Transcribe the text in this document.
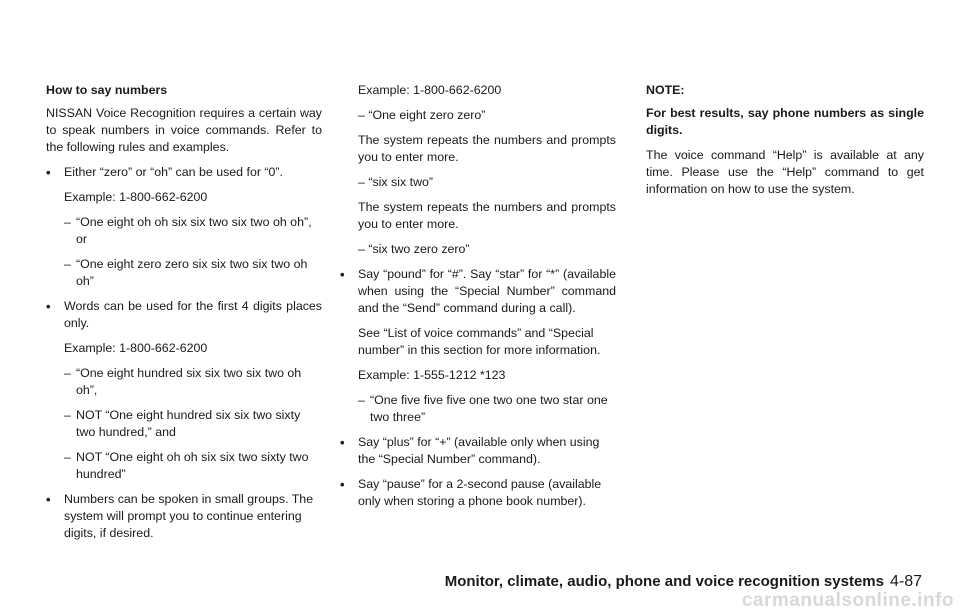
How to say numbers

NISSAN Voice Recognition requires a certain way to speak numbers in voice commands. Refer to the following rules and examples.

• Either “zero” or “oh” can be used for “0”.

Example: 1-800-662-6200

– “One eight oh oh six six two six two oh oh”, or

– “One eight zero zero six six two six two oh oh”

• Words can be used for the first 4 digits places only.

Example: 1-800-662-6200

– “One eight hundred six six two six two oh oh”,

– NOT “One eight hundred six six two sixty two hundred,” and

– NOT “One eight oh oh six six two sixty two hundred”

• Numbers can be spoken in small groups. The system will prompt you to continue entering digits, if desired.

Example: 1-800-662-6200

– “One eight zero zero”

The system repeats the numbers and prompts you to enter more.

– “six six two”

The system repeats the numbers and prompts you to enter more.

– “six two zero zero”

• Say “pound” for “#”. Say “star” for “*” (available when using the “Special Number” command and the “Send” command during a call).

See “List of voice commands” and “Special number” in this section for more information.

Example: 1-555-1212 *123

– “One five five five one two one two star one two three”

• Say “plus” for “+” (available only when using the “Special Number” command).

• Say “pause” for a 2-second pause (available only when storing a phone book number).

NOTE:

For best results, say phone numbers as single digits.

The voice command “Help” is available at any time. Please use the “Help” command to get information on how to use the system.

Monitor, climate, audio, phone and voice recognition systems 4-87
carmanualsonline.info
